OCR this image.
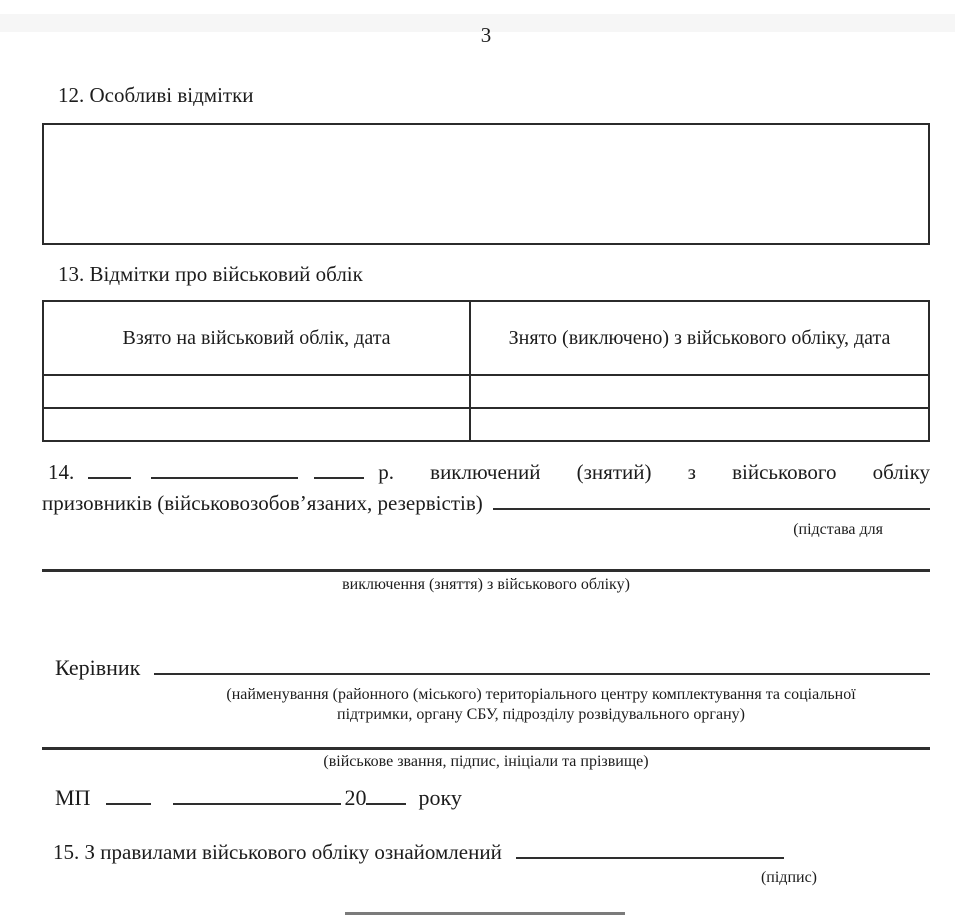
3
12. Особливі відмітки
13. Відмітки про військовий облік
Взято на військовий облік, дата	Знято (виключено) з військового обліку, дата

14.	р. виключений (знятий) з військового обліку
призовників (військовозобов’язаних, резервістів)
(підстава для
виключення (зняття) з військового обліку)
Керівник
(найменування (районного (міського) територіального центру комплектування та соціальної
підтримки, органу СБУ, підрозділу розвідувального органу)
(військове звання, підпис, ініціали та прізвище)
МП	20 року
15. З правилами військового обліку ознайомлений
(підпис)
